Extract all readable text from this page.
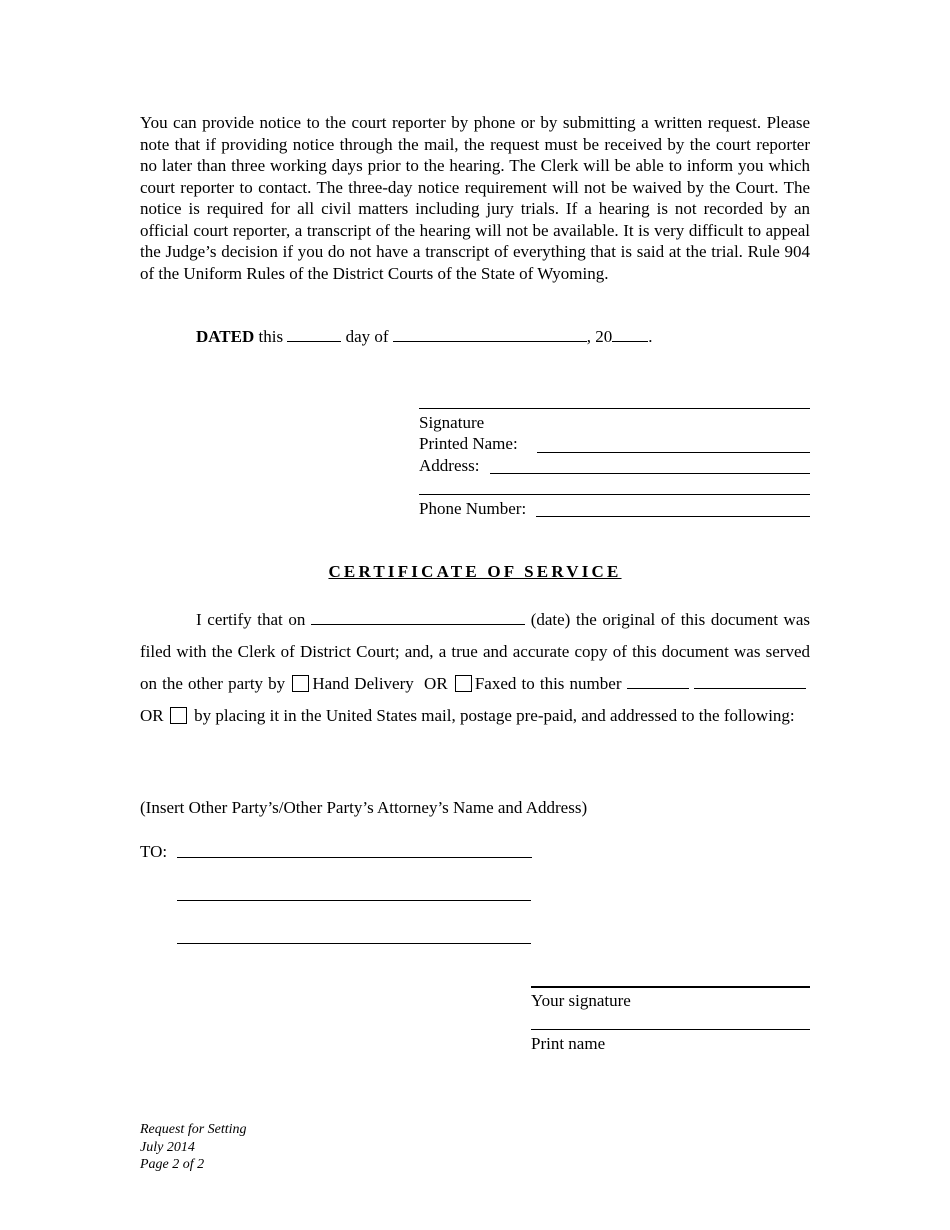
You can provide notice to the court reporter by phone or by submitting a written request. Please note that if providing notice through the mail, the request must be received by the court reporter no later than three working days prior to the hearing. The Clerk will be able to inform you which court reporter to contact. The three-day notice requirement will not be waived by the Court. The notice is required for all civil matters including jury trials. If a hearing is not recorded by an official court reporter, a transcript of the hearing will not be available. It is very difficult to appeal the Judge’s decision if you do not have a transcript of everything that is said at the trial. Rule 904 of the Uniform Rules of the District Courts of the State of Wyoming.

DATED this	day of	, 20 .
Signature
Printed Name:
Address:
Phone Number:
CERTIFICATE OF SERVICE
I certify that on	(date) the original of this document was filed with the Clerk of District Court; and, a true and accurate copy of this document was served on the other party by Hand Delivery OR Faxed to this number    OR by placing it in the United States mail, postage pre-paid, and addressed to the following:
(Insert Other Party’s/Other Party’s Attorney’s Name and Address)
TO:
Your signature
Print name
Request for Setting
July 2014
Page 2 of 2
